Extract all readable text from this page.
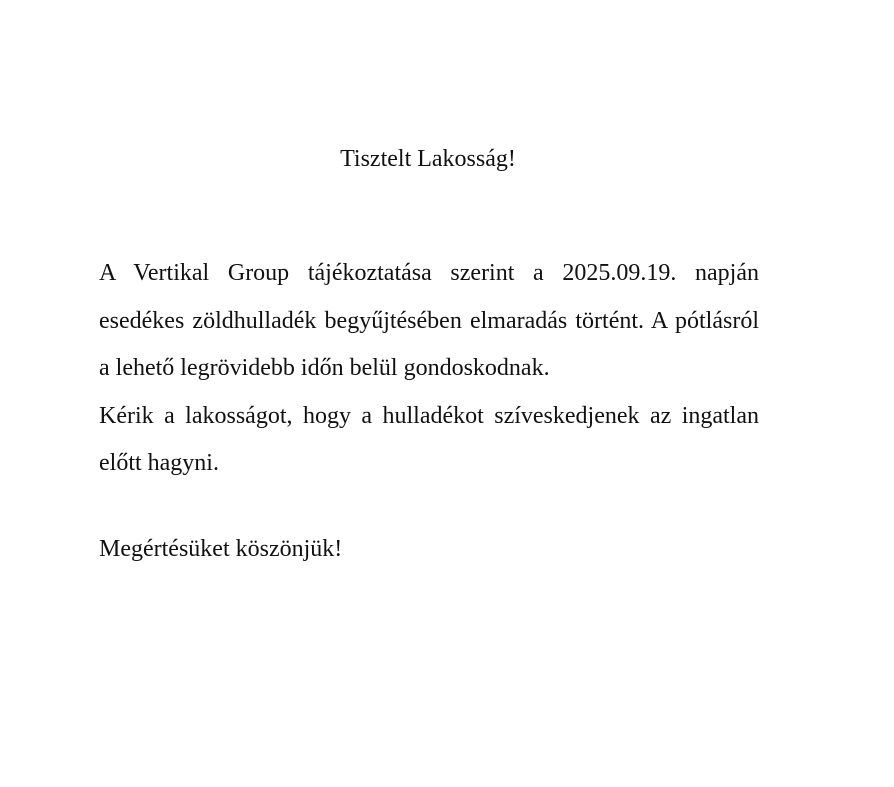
Tisztelt Lakosság!
A Vertikal Group tájékoztatása szerint a 2025.09.19. napján esedékes zöldhulladék begyűjtésében elmaradás történt. A pótlásról a lehető legrövidebb időn belül gondoskodnak.
Kérik a lakosságot, hogy a hulladékot szíveskedjenek az ingatlan előtt hagyni.
Megértésüket köszönjük!
